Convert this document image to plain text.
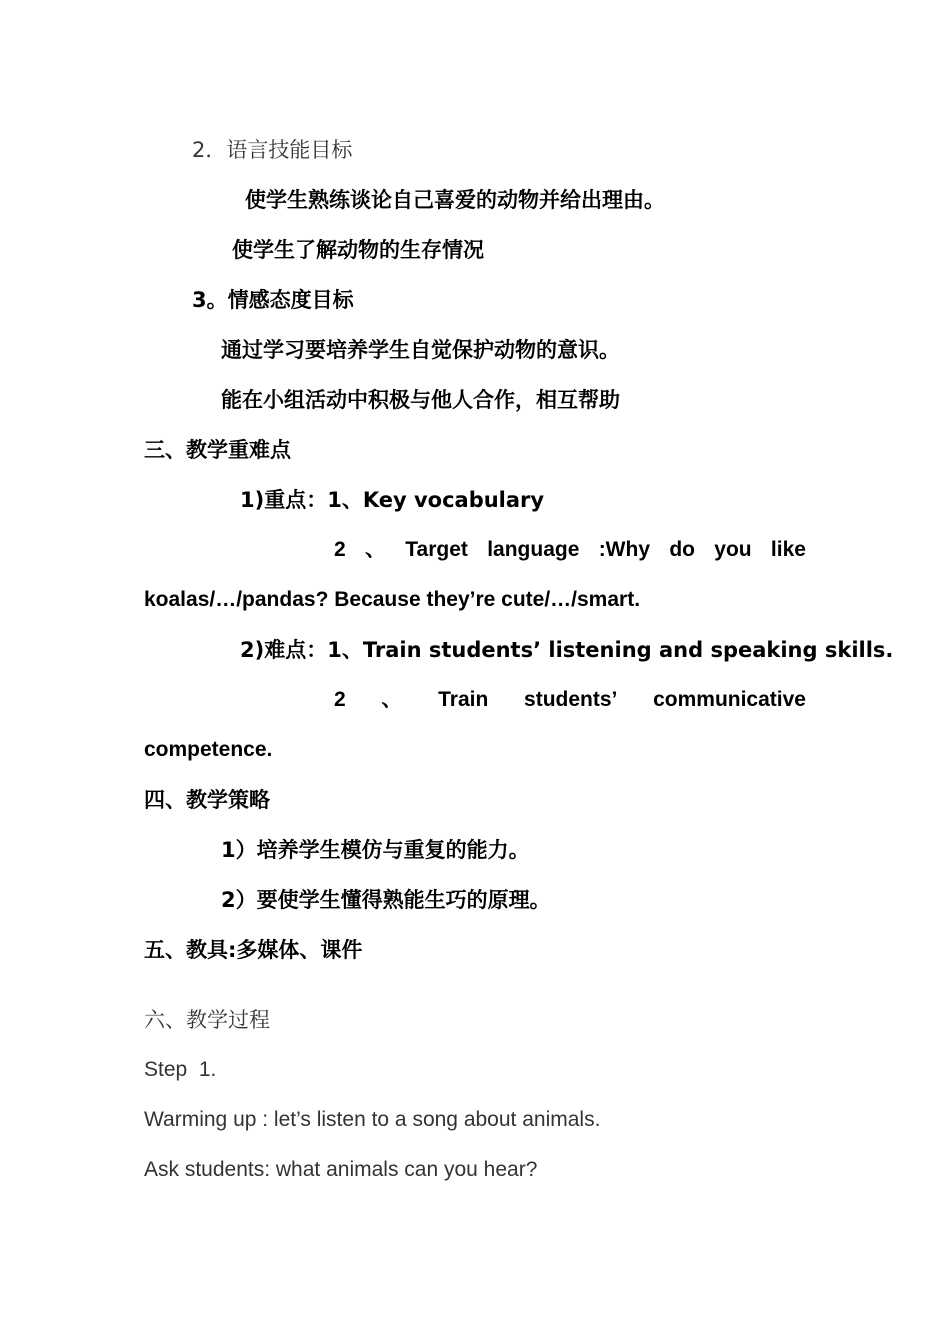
2．语言技能目标
使学生熟练谈论自己喜爱的动物并给出理由。
使学生了解动物的生存情况
3。情感态度目标
通过学习要培养学生自觉保护动物的意识。
能在小组活动中积极与他人合作，相互帮助
三、教学重难点
1)重点：1、Key vocabulary
2 、 Target language :Why do you like
koalas/…/pandas? Because they’re cute/…/smart.
2)难点：1、Train students’ listening and speaking skills.
2 、 Train students’ communicative
competence.
四、教学策略
1）培养学生模仿与重复的能力。
2）要使学生懂得熟能生巧的原理。
五、教具:多媒体、课件
六、教学过程
Step  1.
Warming up : let’s listen to a song about animals.
Ask students: what animals can you hear?
